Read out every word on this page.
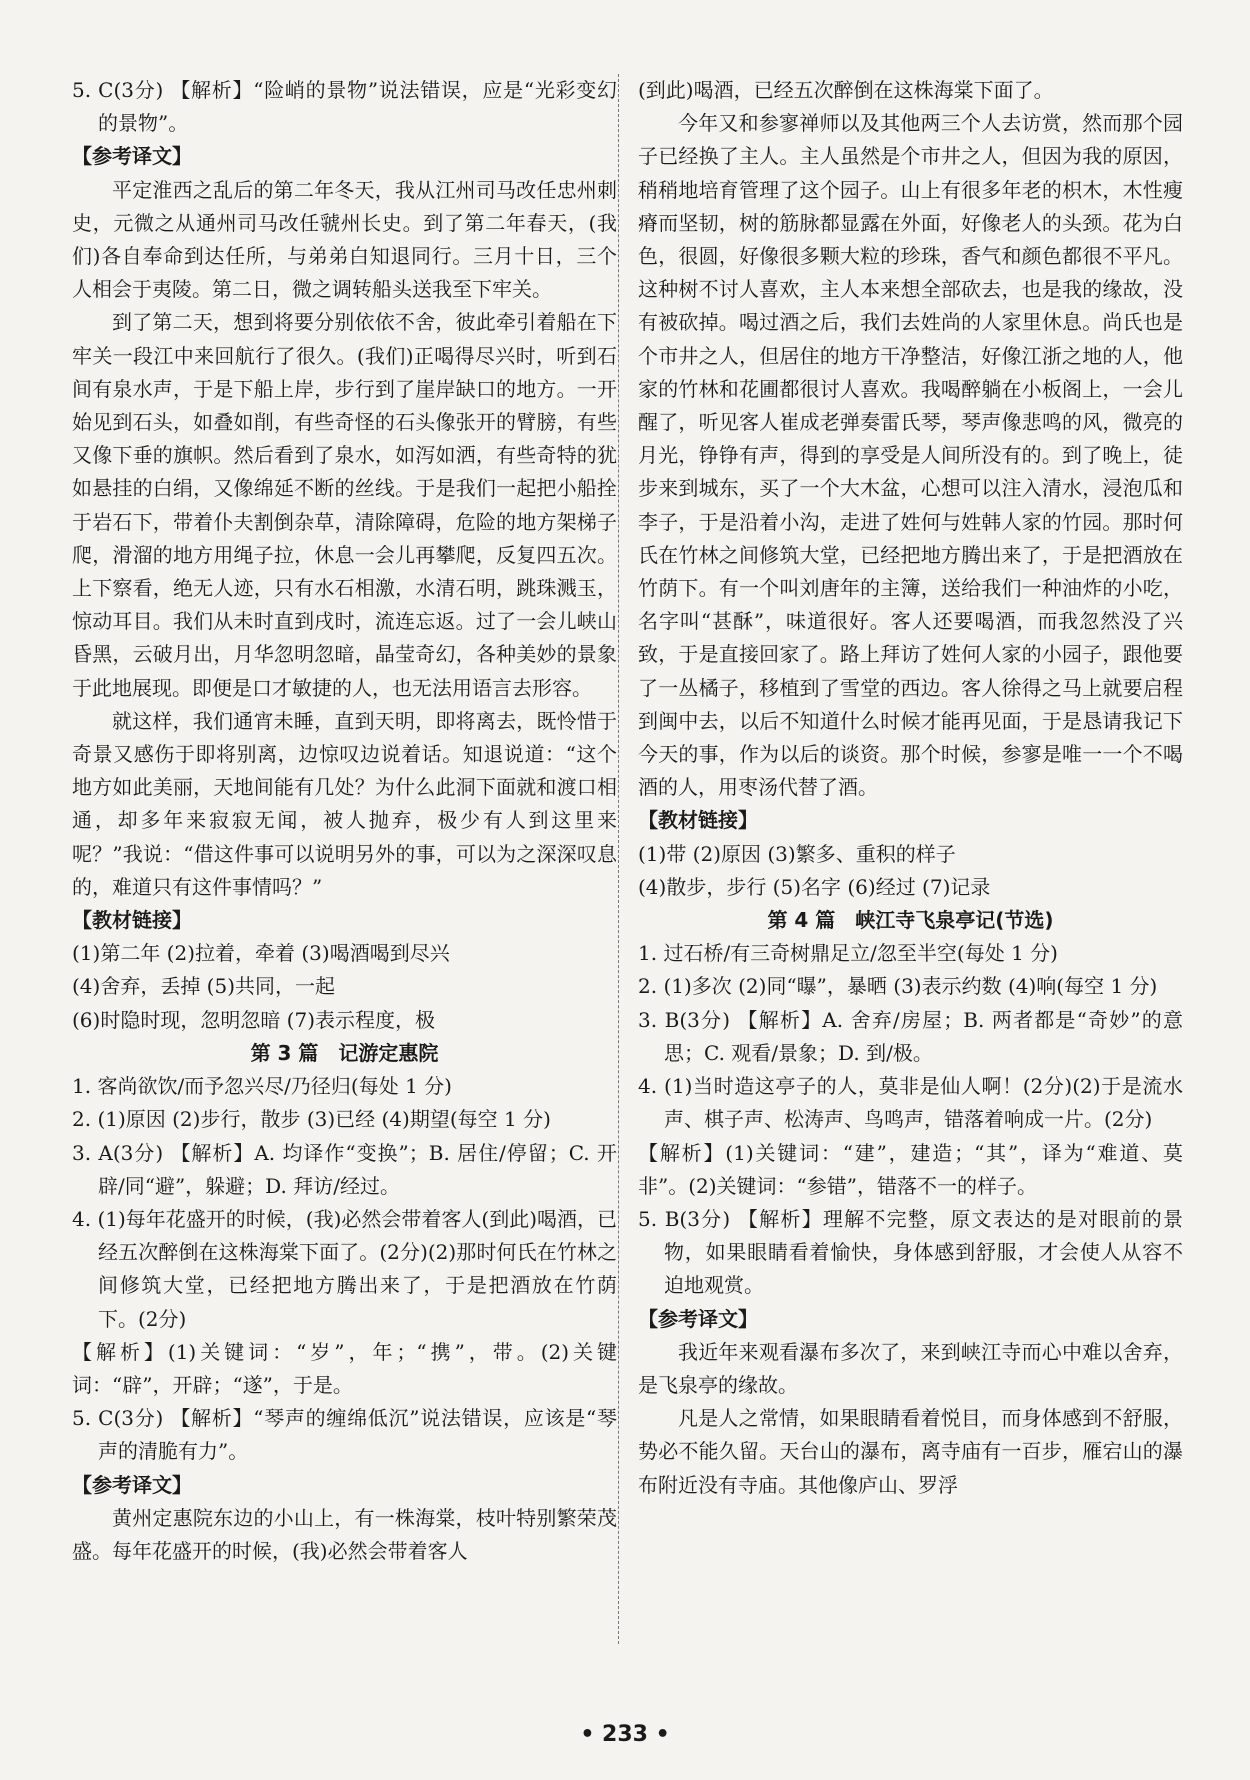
5. C(3分) 【解析】“险峭的景物”说法错误，应是“光彩变幻的景物”。

【参考译文】

平定淮西之乱后的第二年冬天，我从江州司马改任忠州刺史，元微之从通州司马改任虢州长史。到了第二年春天，(我们)各自奉命到达任所，与弟弟白知退同行。三月十日，三个人相会于夷陵。第二日，微之调转船头送我至下牢关。

到了第二天，想到将要分别依依不舍，彼此牵引着船在下牢关一段江中来回航行了很久。(我们)正喝得尽兴时，听到石间有泉水声，于是下船上岸，步行到了崖岸缺口的地方。一开始见到石头，如叠如削，有些奇怪的石头像张开的臂膀，有些又像下垂的旗帜。然后看到了泉水，如泻如洒，有些奇特的犹如悬挂的白绢，又像绵延不断的丝线。于是我们一起把小船拴于岩石下，带着仆夫割倒杂草，清除障碍，危险的地方架梯子爬，滑溜的地方用绳子拉，休息一会儿再攀爬，反复四五次。上下察看，绝无人迹，只有水石相激，水清石明，跳珠溅玉，惊动耳目。我们从未时直到戌时，流连忘返。过了一会儿峡山昏黑，云破月出，月华忽明忽暗，晶莹奇幻，各种美妙的景象于此地展现。即便是口才敏捷的人，也无法用语言去形容。

就这样，我们通宵未睡，直到天明，即将离去，既怜惜于奇景又感伤于即将别离，边惊叹边说着话。知退说道：“这个地方如此美丽，天地间能有几处？为什么此洞下面就和渡口相通，却多年来寂寂无闻，被人抛弃，极少有人到这里来呢？”我说：“借这件事可以说明另外的事，可以为之深深叹息的，难道只有这件事情吗？”

【教材链接】

(1)第二年 (2)拉着，牵着 (3)喝酒喝到尽兴

(4)舍弃，丢掉 (5)共同，一起

(6)时隐时现，忽明忽暗 (7)表示程度，极

第 3 篇　记游定惠院

1. 客尚欲饮/而予忽兴尽/乃径归(每处 1 分)

2. (1)原因 (2)步行，散步 (3)已经 (4)期望(每空 1 分)

3. A(3分) 【解析】A. 均译作“变换”；B. 居住/停留；C. 开辟/同“避”，躲避；D. 拜访/经过。

4. (1)每年花盛开的时候，(我)必然会带着客人(到此)喝酒，已经五次醉倒在这株海棠下面了。(2分)(2)那时何氏在竹林之间修筑大堂，已经把地方腾出来了，于是把酒放在竹荫下。(2分)

【解析】(1)关键词：“岁”，年；“携”，带。(2)关键词：“辟”，开辟；“遂”，于是。

5. C(3分) 【解析】“琴声的缠绵低沉”说法错误，应该是“琴声的清脆有力”。

【参考译文】

黄州定惠院东边的小山上，有一株海棠，枝叶特别繁荣茂盛。每年花盛开的时候，(我)必然会带着客人

(到此)喝酒，已经五次醉倒在这株海棠下面了。

今年又和参寥禅师以及其他两三个人去访赏，然而那个园子已经换了主人。主人虽然是个市井之人，但因为我的原因，稍稍地培育管理了这个园子。山上有很多年老的枳木，木性瘦瘠而坚韧，树的筋脉都显露在外面，好像老人的头颈。花为白色，很圆，好像很多颗大粒的珍珠，香气和颜色都很不平凡。这种树不讨人喜欢，主人本来想全部砍去，也是我的缘故，没有被砍掉。喝过酒之后，我们去姓尚的人家里休息。尚氏也是个市井之人，但居住的地方干净整洁，好像江浙之地的人，他家的竹林和花圃都很讨人喜欢。我喝醉躺在小板阁上，一会儿醒了，听见客人崔成老弹奏雷氏琴，琴声像悲鸣的风，微亮的月光，铮铮有声，得到的享受是人间所没有的。到了晚上，徒步来到城东，买了一个大木盆，心想可以注入清水，浸泡瓜和李子，于是沿着小沟，走进了姓何与姓韩人家的竹园。那时何氏在竹林之间修筑大堂，已经把地方腾出来了，于是把酒放在竹荫下。有一个叫刘唐年的主簿，送给我们一种油炸的小吃，名字叫“甚酥”，味道很好。客人还要喝酒，而我忽然没了兴致，于是直接回家了。路上拜访了姓何人家的小园子，跟他要了一丛橘子，移植到了雪堂的西边。客人徐得之马上就要启程到闽中去，以后不知道什么时候才能再见面，于是恳请我记下今天的事，作为以后的谈资。那个时候，参寥是唯一一个不喝酒的人，用枣汤代替了酒。

【教材链接】

(1)带 (2)原因 (3)繁多、重积的样子

(4)散步，步行 (5)名字 (6)经过 (7)记录

第 4 篇　峡江寺飞泉亭记(节选)

1. 过石桥/有三奇树鼎足立/忽至半空(每处 1 分)

2. (1)多次 (2)同“曝”，暴晒 (3)表示约数 (4)响(每空 1 分)

3. B(3分) 【解析】A. 舍弃/房屋；B. 两者都是“奇妙”的意思；C. 观看/景象；D. 到/极。

4. (1)当时造这亭子的人，莫非是仙人啊！(2分)(2)于是流水声、棋子声、松涛声、鸟鸣声，错落着响成一片。(2分)

【解析】(1)关键词：“建”，建造；“其”，译为“难道、莫非”。(2)关键词：“参错”，错落不一的样子。

5. B(3分) 【解析】理解不完整，原文表达的是对眼前的景物，如果眼睛看着愉快，身体感到舒服，才会使人从容不迫地观赏。

【参考译文】

我近年来观看瀑布多次了，来到峡江寺而心中难以舍弃，是飞泉亭的缘故。

凡是人之常情，如果眼睛看着悦目，而身体感到不舒服，势必不能久留。天台山的瀑布，离寺庙有一百步，雁宕山的瀑布附近没有寺庙。其他像庐山、罗浮

• 233 •
